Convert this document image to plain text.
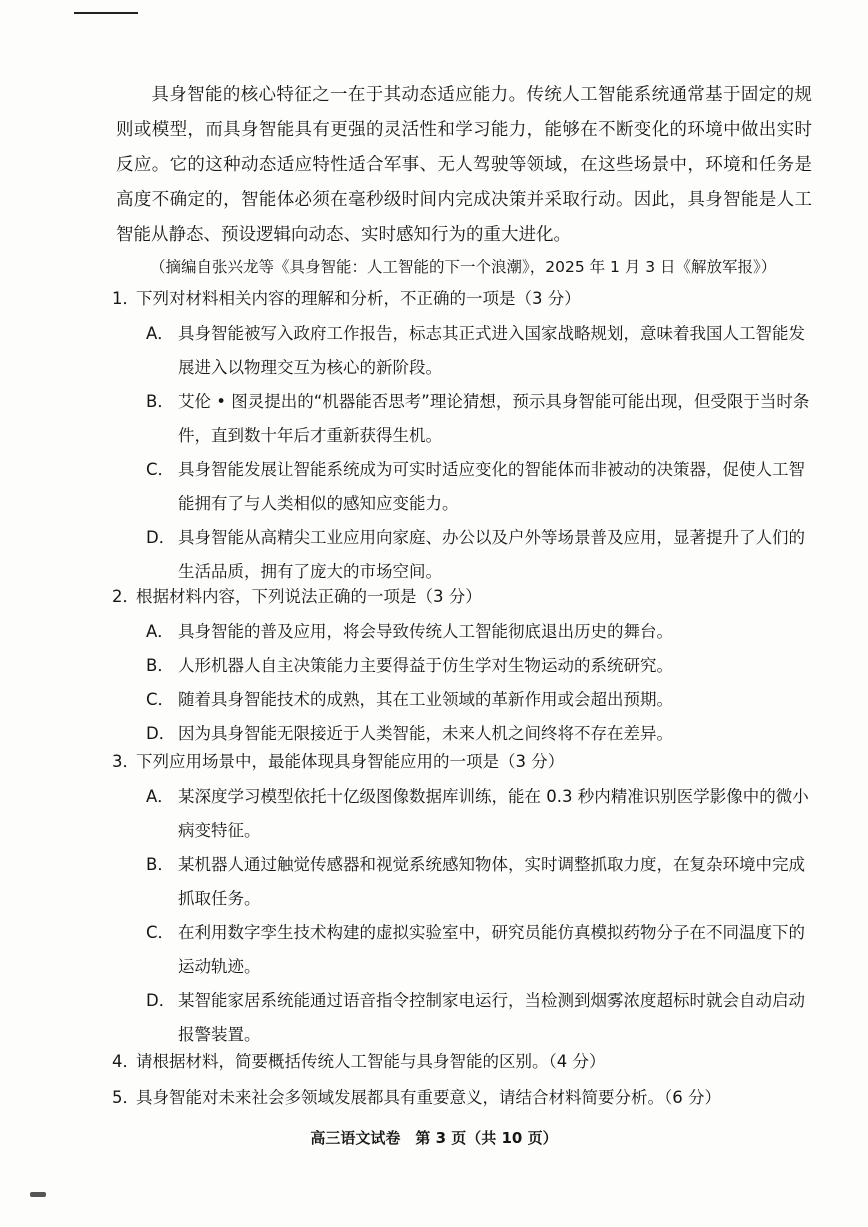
具身智能的核心特征之一在于其动态适应能力。传统人工智能系统通常基于固定的规则或模型，而具身智能具有更强的灵活性和学习能力，能够在不断变化的环境中做出实时反应。它的这种动态适应特性适合军事、无人驾驶等领域，在这些场景中，环境和任务是高度不确定的，智能体必须在毫秒级时间内完成决策并采取行动。因此，具身智能是人工智能从静态、预设逻辑向动态、实时感知行为的重大进化。
（摘编自张兴龙等《具身智能：人工智能的下一个浪潮》，2025 年 1 月 3 日《解放军报》）
1．下列对材料相关内容的理解和分析，不正确的一项是（3 分）
A． 具身智能被写入政府工作报告，标志其正式进入国家战略规划，意味着我国人工智能发展进入以物理交互为核心的新阶段。
B． 艾伦 • 图灵提出的“机器能否思考”理论猜想，预示具身智能可能出现，但受限于当时条件，直到数十年后才重新获得生机。
C． 具身智能发展让智能系统成为可实时适应变化的智能体而非被动的决策器，促使人工智能拥有了与人类相似的感知应变能力。
D． 具身智能从高精尖工业应用向家庭、办公以及户外等场景普及应用，显著提升了人们的生活品质，拥有了庞大的市场空间。
2．根据材料内容，下列说法正确的一项是（3 分）
A． 具身智能的普及应用，将会导致传统人工智能彻底退出历史的舞台。
B． 人形机器人自主决策能力主要得益于仿生学对生物运动的系统研究。
C． 随着具身智能技术的成熟，其在工业领域的革新作用或会超出预期。
D． 因为具身智能无限接近于人类智能，未来人机之间终将不存在差异。
3．下列应用场景中，最能体现具身智能应用的一项是（3 分）
A． 某深度学习模型依托十亿级图像数据库训练，能在 0.3 秒内精准识别医学影像中的微小病变特征。
B． 某机器人通过触觉传感器和视觉系统感知物体，实时调整抓取力度，在复杂环境中完成抓取任务。
C． 在利用数字孪生技术构建的虚拟实验室中，研究员能仿真模拟药物分子在不同温度下的运动轨迹。
D． 某智能家居系统能通过语音指令控制家电运行，当检测到烟雾浓度超标时就会自动启动报警装置。
4．请根据材料，简要概括传统人工智能与具身智能的区别。（4 分）
5．具身智能对未来社会多领域发展都具有重要意义，请结合材料简要分析。（6 分）
高三语文试卷　第 3 页（共 10 页）
